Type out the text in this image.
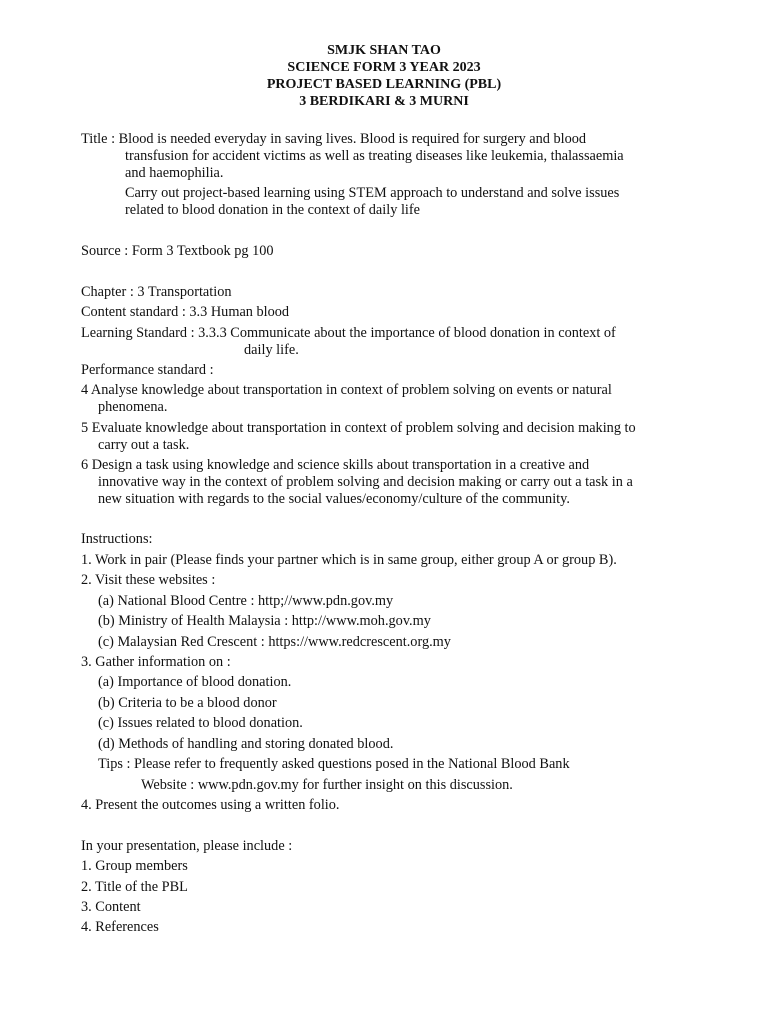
SMJK SHAN TAO
SCIENCE FORM 3 YEAR 2023
PROJECT BASED LEARNING (PBL)
3 BERDIKARI & 3 MURNI
Title : Blood is needed everyday in saving lives. Blood is required for surgery and blood
transfusion for accident victims as well as treating diseases like leukemia, thalassaemia
and haemophilia.
Carry out project-based learning using STEM approach to understand and solve issues
related to blood donation in the context of daily life
Source : Form 3 Textbook pg 100
Chapter : 3 Transportation
Content standard : 3.3 Human blood
Learning Standard : 3.3.3 Communicate about the importance of blood donation in context of
daily life.
Performance standard :
4 Analyse knowledge about transportation in context of problem solving on events or natural
phenomena.
5 Evaluate knowledge about transportation in context of problem solving and decision making to
carry out a task.
6 Design a task using knowledge and science skills about transportation in a creative and
innovative way in the context of problem solving and decision making or carry out a task in a
new situation with regards to the social values/economy/culture of the community.
Instructions:
1. Work in pair (Please finds your partner which is in same group, either group A or group B).
2. Visit these websites :
(a) National Blood Centre : http;//www.pdn.gov.my
(b) Ministry of Health Malaysia : http://www.moh.gov.my
(c) Malaysian Red Crescent : https://www.redcrescent.org.my
3. Gather information on :
(a) Importance of blood donation.
(b) Criteria to be a blood donor
(c) Issues related to blood donation.
(d) Methods of handling and storing donated blood.
Tips : Please refer to frequently asked questions posed in the National Blood Bank
Website : www.pdn.gov.my for further insight on this discussion.
4. Present the outcomes using a written folio.
In your presentation, please include :
1. Group members
2. Title of the PBL
3. Content
4. References
